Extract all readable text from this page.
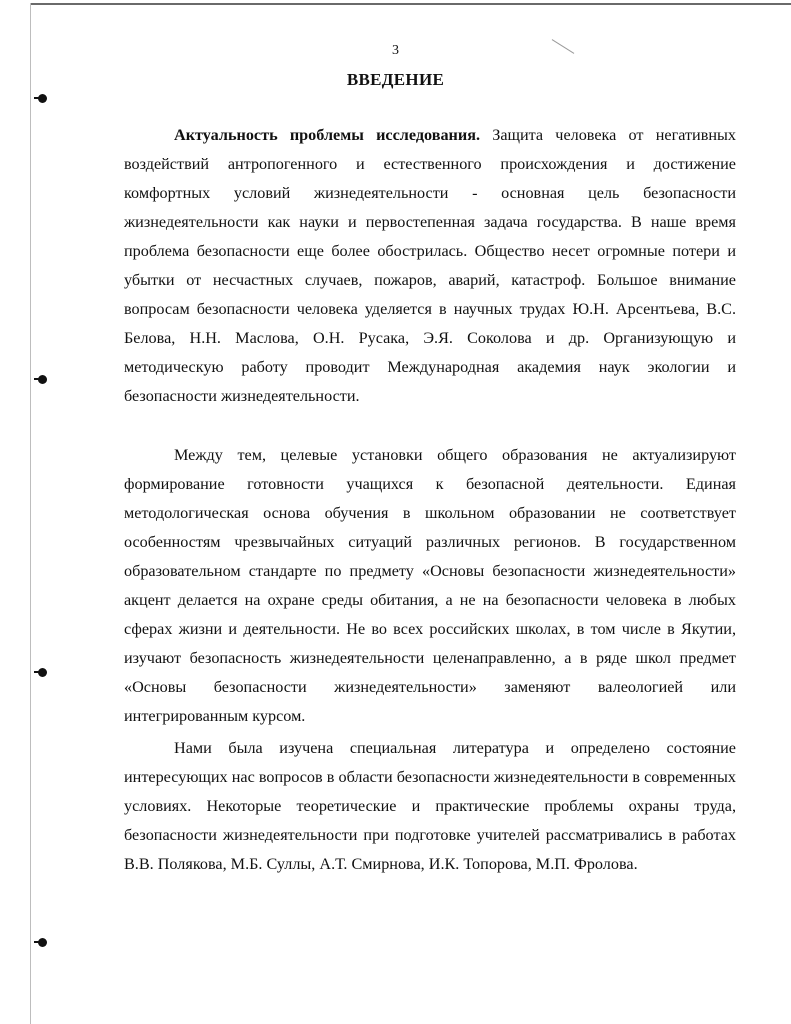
3
ВВЕДЕНИЕ

Актуальность проблемы исследования. Защита человека от негативных воздействий антропогенного и естественного происхождения и достижение комфортных условий жизнедеятельности - основная цель безопасности жизнедеятельности как науки и первостепенная задача государства. В наше время проблема безопасности еще более обострилась. Общество несет огромные потери и убытки от несчастных случаев, пожаров, аварий, катастроф. Большое внимание вопросам безопасности человека уделяется в научных трудах Ю.Н. Арсентьева, В.С. Белова, Н.Н. Маслова, О.Н. Русака, Э.Я. Соколова и др. Организующую и методическую работу проводит Международная академия наук экологии и безопасности жизнедеятельности.

Между тем, целевые установки общего образования не актуализируют формирование готовности учащихся к безопасной деятельности. Единая методологическая основа обучения в школьном образовании не соответствует особенностям чрезвычайных ситуаций различных регионов. В государственном образовательном стандарте по предмету «Основы безопасности жизнедеятельности» акцент делается на охране среды обитания, а не на безопасности человека в любых сферах жизни и деятельности. Не во всех российских школах, в том числе в Якутии, изучают безопасность жизнедеятельности целенаправленно, а в ряде школ предмет «Основы безопасности жизнедеятельности» заменяют валеологией или интегрированным курсом.

Нами была изучена специальная литература и определено состояние интересующих нас вопросов в области безопасности жизнедеятельности в современных условиях. Некоторые теоретические и практические проблемы охраны труда, безопасности жизнедеятельности при подготовке учителей рассматривались в работах В.В. Полякова, М.Б. Суллы, А.Т. Смирнова, И.К. Топорова, М.П. Фролова.
